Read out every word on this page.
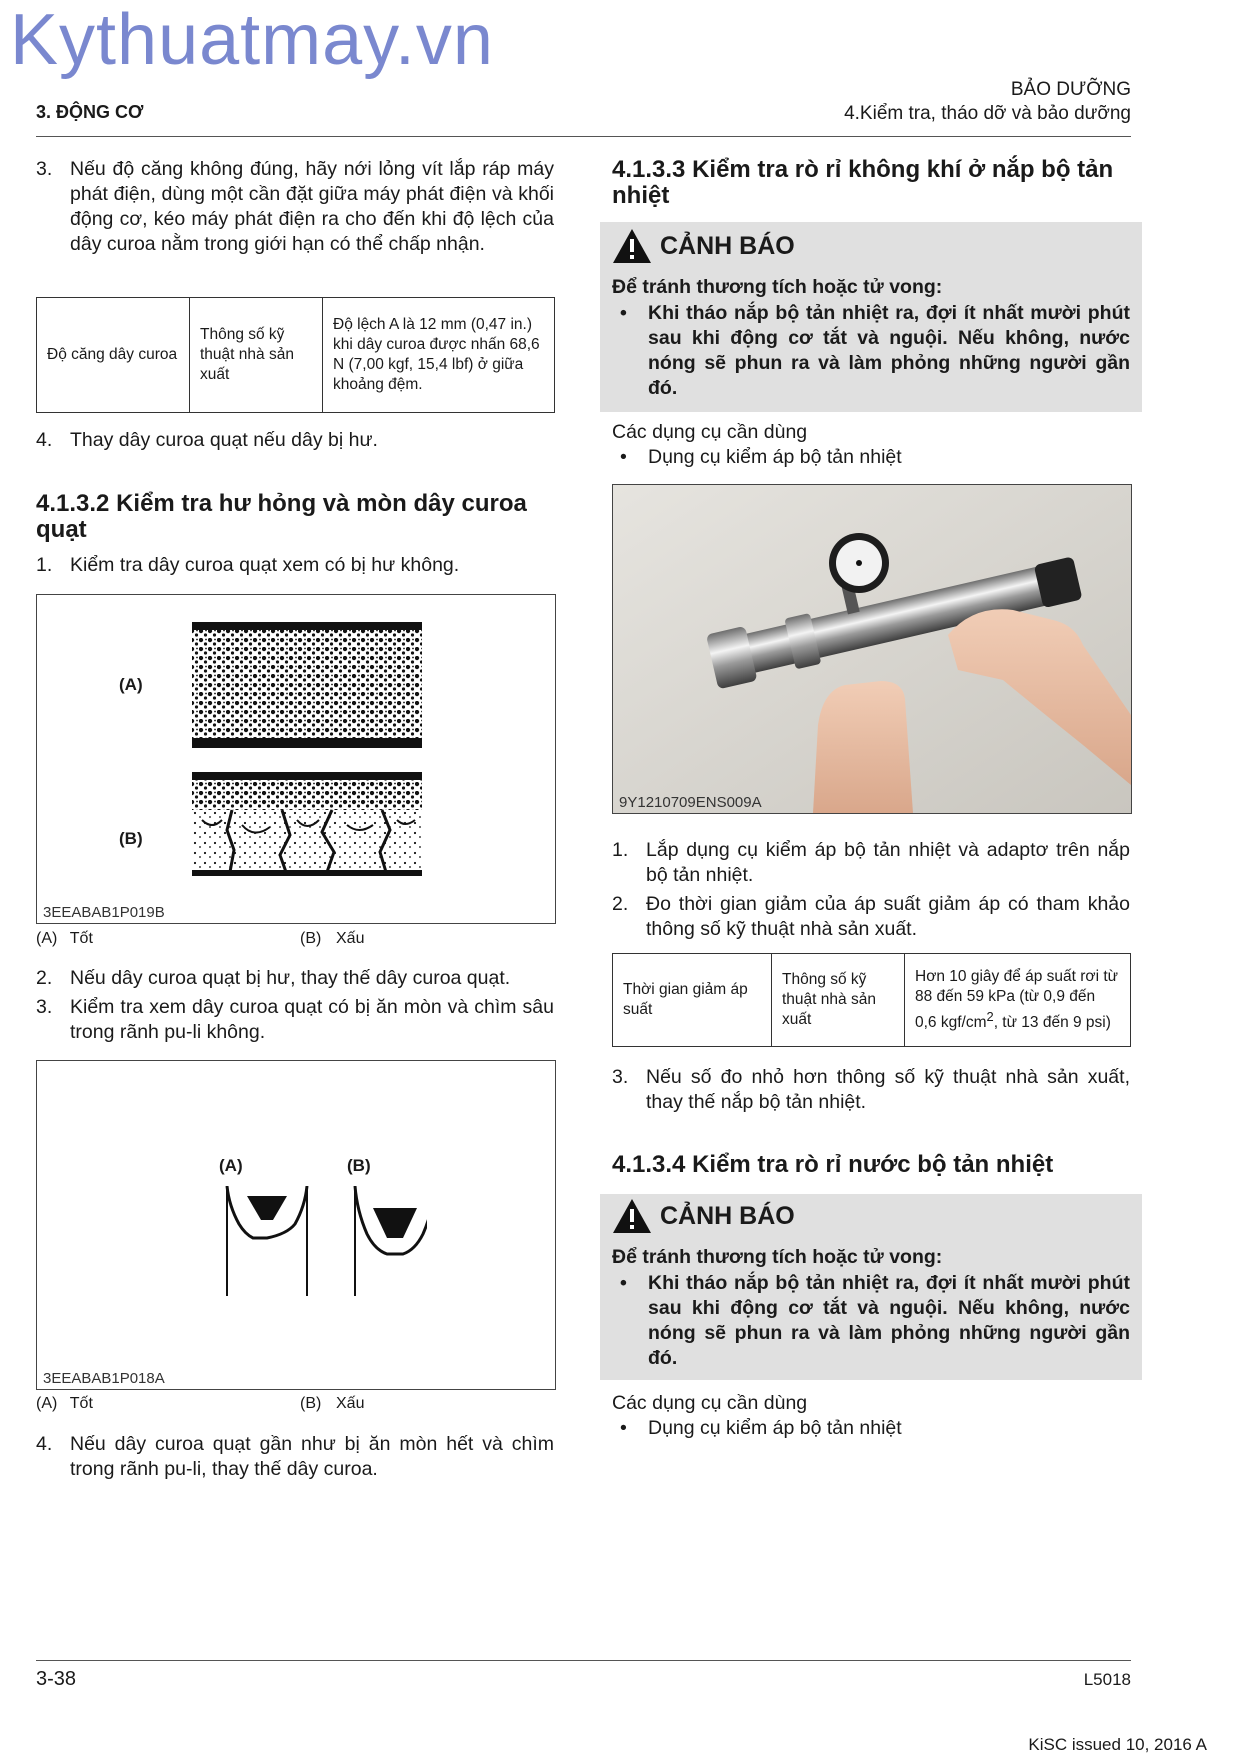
Kythuatmay.vn
3. ĐỘNG CƠ
BẢO DƯỠNG
4.Kiểm tra, tháo dỡ và bảo dưỡng
3. Nếu độ căng không đúng, hãy nới lỏng vít lắp ráp máy phát điện, dùng một cần đặt giữa máy phát điện và khối động cơ, kéo máy phát điện ra cho đến khi độ lệch của dây curoa nằm trong giới hạn có thể chấp nhận.
Độ căng dây curoa	Thông số kỹ thuật nhà sản xuất	Độ lệch A là 12 mm (0,47 in.) khi dây curoa được nhấn 68,6 N (7,00 kgf, 15,4 lbf) ở giữa khoảng đệm.
4. Thay dây curoa quạt nếu dây bị hư.
4.1.3.2 Kiểm tra hư hỏng và mòn dây curoa quạt
1. Kiểm tra dây curoa quạt xem có bị hư không.
(A)
(B)
3EEABAB1P019B
(A) Tốt	(B) Xấu
2. Nếu dây curoa quạt bị hư, thay thế dây curoa quạt.
3. Kiểm tra xem dây curoa quạt có bị ăn mòn và chìm sâu trong rãnh pu-li không.
(A)	(B)
3EEABAB1P018A
(A) Tốt	(B) Xấu
4. Nếu dây curoa quạt gần như bị ăn mòn hết và chìm trong rãnh pu-li, thay thế dây curoa.
4.1.3.3 Kiểm tra rò rỉ không khí ở nắp bộ tản nhiệt
CẢNH BÁO
Để tránh thương tích hoặc tử vong:
• Khi tháo nắp bộ tản nhiệt ra, đợi ít nhất mười phút sau khi động cơ tắt và nguội. Nếu không, nước nóng sẽ phun ra và làm phỏng những người gần đó.
Các dụng cụ cần dùng
• Dụng cụ kiểm áp bộ tản nhiệt
9Y1210709ENS009A
1. Lắp dụng cụ kiểm áp bộ tản nhiệt và adaptơ trên nắp bộ tản nhiệt.
2. Đo thời gian giảm của áp suất giảm áp có tham khảo thông số kỹ thuật nhà sản xuất.
Thời gian giảm áp suất	Thông số kỹ thuật nhà sản xuất	Hơn 10 giây để áp suất rơi từ 88 đến 59 kPa (từ 0,9 đến 0,6 kgf/$cm^2$, từ 13 đến 9 psi)
3. Nếu số đo nhỏ hơn thông số kỹ thuật nhà sản xuất, thay thế nắp bộ tản nhiệt.
4.1.3.4 Kiểm tra rò rỉ nước bộ tản nhiệt
CẢNH BÁO
Để tránh thương tích hoặc tử vong:
• Khi tháo nắp bộ tản nhiệt ra, đợi ít nhất mười phút sau khi động cơ tắt và nguội. Nếu không, nước nóng sẽ phun ra và làm phỏng những người gần đó.
Các dụng cụ cần dùng
• Dụng cụ kiểm áp bộ tản nhiệt
3-38	L5018
KiSC issued 10, 2016 A
